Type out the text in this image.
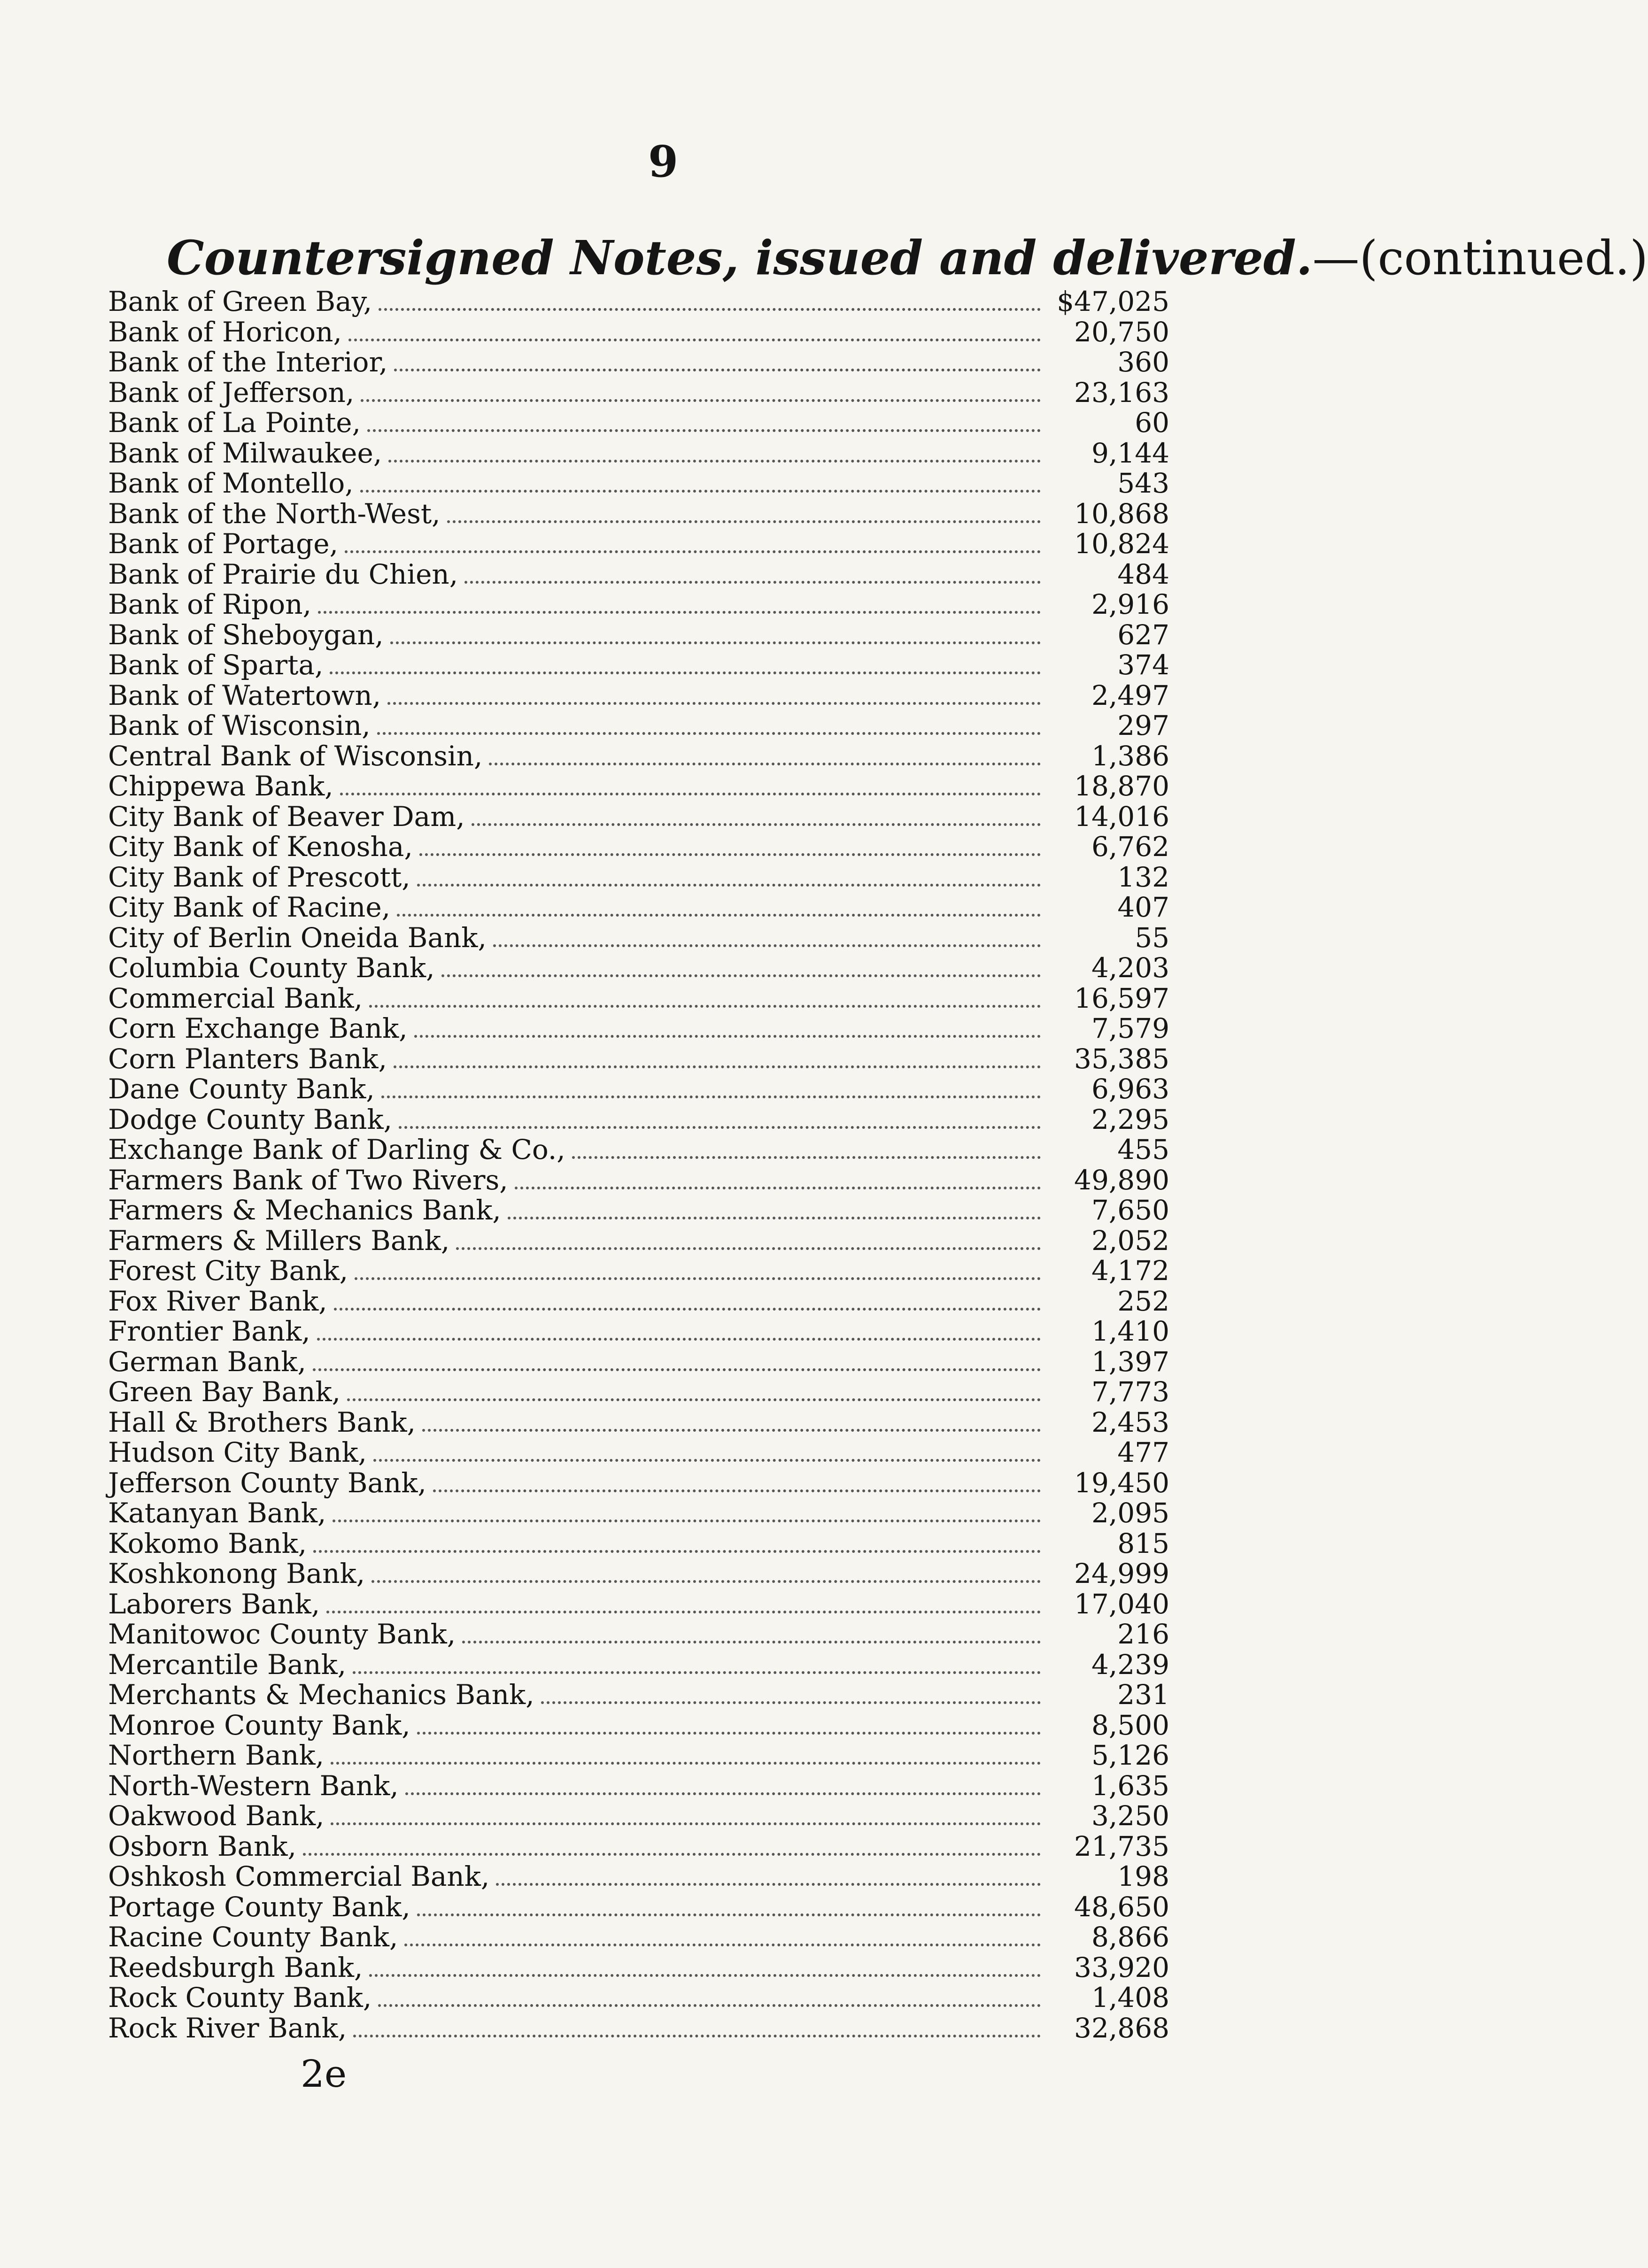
9
Countersigned Notes, issued and delivered.—(continued.)
Bank of Green Bay,	$47,025
Bank of Horicon,	20,750
Bank of the Interior,	360
Bank of Jefferson,	23,163
Bank of La Pointe,	60
Bank of Milwaukee,	9,144
Bank of Montello,	543
Bank of the North-West,	10,868
Bank of Portage,	10,824
Bank of Prairie du Chien,	484
Bank of Ripon,	2,916
Bank of Sheboygan,	627
Bank of Sparta,	374
Bank of Watertown,	2,497
Bank of Wisconsin,	297
Central Bank of Wisconsin,	1,386
Chippewa Bank,	18,870
City Bank of Beaver Dam,	14,016
City Bank of Kenosha,	6,762
City Bank of Prescott,	132
City Bank of Racine,	407
City of Berlin Oneida Bank,	55
Columbia County Bank,	4,203
Commercial Bank,	16,597
Corn Exchange Bank,	7,579
Corn Planters Bank,	35,385
Dane County Bank,	6,963
Dodge County Bank,	2,295
Exchange Bank of Darling & Co.,	455
Farmers Bank of Two Rivers,	49,890
Farmers & Mechanics Bank,	7,650
Farmers & Millers Bank,	2,052
Forest City Bank,	4,172
Fox River Bank,	252
Frontier Bank,	1,410
German Bank,	1,397
Green Bay Bank,	7,773
Hall & Brothers Bank,	2,453
Hudson City Bank,	477
Jefferson County Bank,	19,450
Katanyan Bank,	2,095
Kokomo Bank,	815
Koshkonong Bank,	24,999
Laborers Bank,	17,040
Manitowoc County Bank,	216
Mercantile Bank,	4,239
Merchants & Mechanics Bank,	231
Monroe County Bank,	8,500
Northern Bank,	5,126
North-Western Bank,	1,635
Oakwood Bank,	3,250
Osborn Bank,	21,735
Oshkosh Commercial Bank,	198
Portage County Bank,	48,650
Racine County Bank,	8,866
Reedsburgh Bank,	33,920
Rock County Bank,	1,408
Rock River Bank,	32,868
2e
